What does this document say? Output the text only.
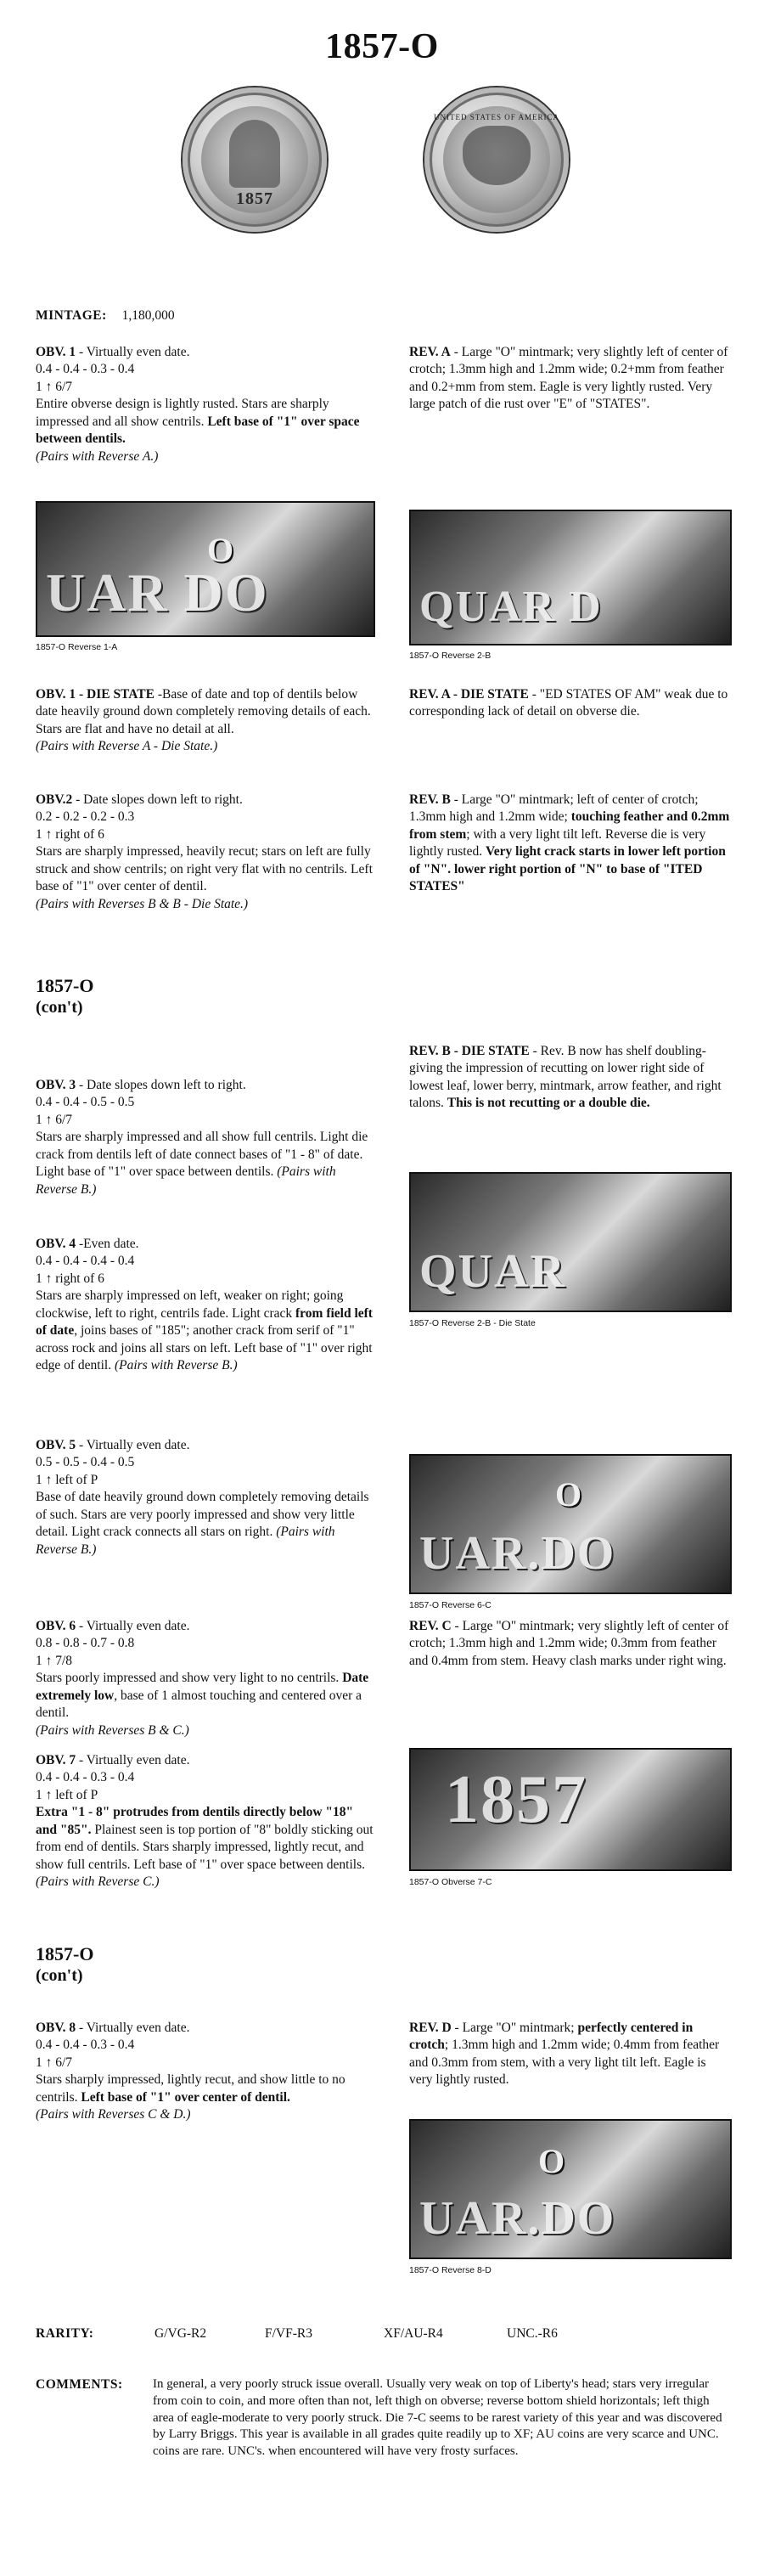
1857-O
1857
UNITED STATES OF AMERICA
MINTAGE: 1,180,000
OBV. 1 - Virtually even date.
0.4 - 0.4 - 0.3 - 0.4
1 ↑ 6/7
Entire obverse design is lightly rusted. Stars are sharply impressed and all show centrils. Left base of "1" over space between dentils.
(Pairs with Reverse A.)
REV. A - Large "O" mintmark; very slightly left of center of crotch; 1.3mm high and 1.2mm wide; 0.2+mm from feather and 0.2+mm from stem. Eagle is very lightly rusted. Very large patch of die rust over "E" of "STATES".
O
UAR DO
1857-O Reverse 1-A
QUAR D
1857-O Reverse 2-B
OBV. 1 - DIE STATE -Base of date and top of dentils below date heavily ground down completely removing details of each. Stars are flat and have no detail at all.
(Pairs with Reverse A - Die State.)
REV. A - DIE STATE - "ED STATES OF AM" weak due to corresponding lack of detail on obverse die.
OBV.2 - Date slopes down left to right.
0.2 - 0.2 - 0.2 - 0.3
1 ↑ right of 6
Stars are sharply impressed, heavily recut; stars on left are fully struck and show centrils; on right very flat with no centrils. Left base of "1" over center of dentil.
(Pairs with Reverses B & B - Die State.)
REV. B - Large "O" mintmark; left of center of crotch; 1.3mm high and 1.2mm wide; touching feather and 0.2mm from stem; with a very light tilt left. Reverse die is very lightly rusted. Very light crack starts in lower left portion of "N". lower right portion of "N" to base of "ITED STATES"
1857-O
(con't)
REV. B - DIE STATE - Rev. B now has shelf doubling-giving the impression of recutting on lower right side of lowest leaf, lower berry, mintmark, arrow feather, and right talons. This is not recutting or a double die.
OBV. 3 - Date slopes down left to right.
0.4 - 0.4 - 0.5 - 0.5
1 ↑ 6/7
Stars are sharply impressed and all show full centrils. Light die crack from dentils left of date connect bases of "1 - 8" of date. Light base of "1" over space between dentils. (Pairs with Reverse B.)
QUAR
1857-O Reverse 2-B - Die State
OBV. 4 -Even date.
0.4 - 0.4 - 0.4 - 0.4
1 ↑ right of 6
Stars are sharply impressed on left, weaker on right; going clockwise, left to right, centrils fade. Light crack from field left of date, joins bases of "185"; another crack from serif of "1" across rock and joins all stars on left. Left base of "1" over right edge of dentil. (Pairs with Reverse B.)
OBV. 5 - Virtually even date.
0.5 - 0.5 - 0.4 - 0.5
1 ↑ left of P
Base of date heavily ground down completely removing details of such. Stars are very poorly impressed and show very little detail. Light crack connects all stars on right. (Pairs with Reverse B.)
O
UAR.DO
1857-O Reverse 6-C
OBV. 6 - Virtually even date.
0.8 - 0.8 - 0.7 - 0.8
1 ↑ 7/8
Stars poorly impressed and show very light to no centrils. Date extremely low, base of 1 almost touching and centered over a dentil.
(Pairs with Reverses B & C.)
REV. C - Large "O" mintmark; very slightly left of center of crotch; 1.3mm high and 1.2mm wide; 0.3mm from feather and 0.4mm from stem. Heavy clash marks under right wing.
OBV. 7 - Virtually even date.
0.4 - 0.4 - 0.3 - 0.4
1 ↑ left of P
Extra "1 - 8" protrudes from dentils directly below "18" and "85". Plainest seen is top portion of "8" boldly sticking out from end of dentils. Stars sharply impressed, lightly recut, and show full centrils. Left base of "1" over space between dentils. (Pairs with Reverse C.)
1857
1857-O Obverse 7-C
1857-O
(con't)
OBV. 8 - Virtually even date.
0.4 - 0.4 - 0.3 - 0.4
1 ↑ 6/7
Stars sharply impressed, lightly recut, and show little to no centrils. Left base of "1" over center of dentil.
(Pairs with Reverses C & D.)
REV. D - Large "O" mintmark; perfectly centered in crotch; 1.3mm high and 1.2mm wide; 0.4mm from feather and 0.3mm from stem, with a very light tilt left. Eagle is very lightly rusted.
O
UAR.DO
1857-O Reverse 8-D
RARITY:	G/VG-R2	F/VF-R3	XF/AU-R4	UNC.-R6
COMMENTS:	In general, a very poorly struck issue overall. Usually very weak on top of Liberty's head; stars very irregular from coin to coin, and more often than not, left thigh on obverse; reverse bottom shield horizontals; left thigh area of eagle-moderate to very poorly struck. Die 7-C seems to be rarest variety of this year and was discovered by Larry Briggs. This year is available in all grades quite readily up to XF; AU coins are very scarce and UNC. coins are rare. UNC's. when encountered will have very frosty surfaces.
